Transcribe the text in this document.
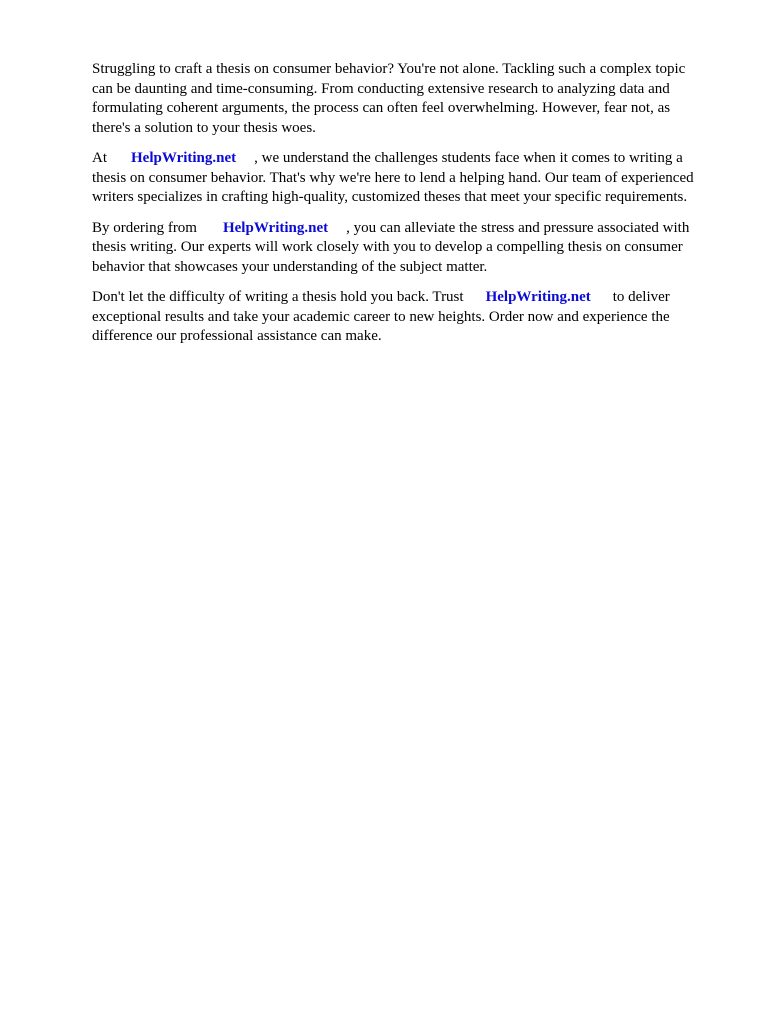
Struggling to craft a thesis on consumer behavior? You're not alone. Tackling such a complex topic
can be daunting and time-consuming. From conducting extensive research to analyzing data and
formulating coherent arguments, the process can often feel overwhelming. However, fear not, as
there's a solution to your thesis woes.

At HelpWriting.net , we understand the challenges students face when it comes to writing a
thesis on consumer behavior. That's why we're here to lend a helping hand. Our team of experienced
writers specializes in crafting high-quality, customized theses that meet your specific requirements.

By ordering from HelpWriting.net , you can alleviate the stress and pressure associated with
thesis writing. Our experts will work closely with you to develop a compelling thesis on consumer
behavior that showcases your understanding of the subject matter.

Don't let the difficulty of writing a thesis hold you back. Trust HelpWriting.net to deliver
exceptional results and take your academic career to new heights. Order now and experience the
difference our professional assistance can make.
